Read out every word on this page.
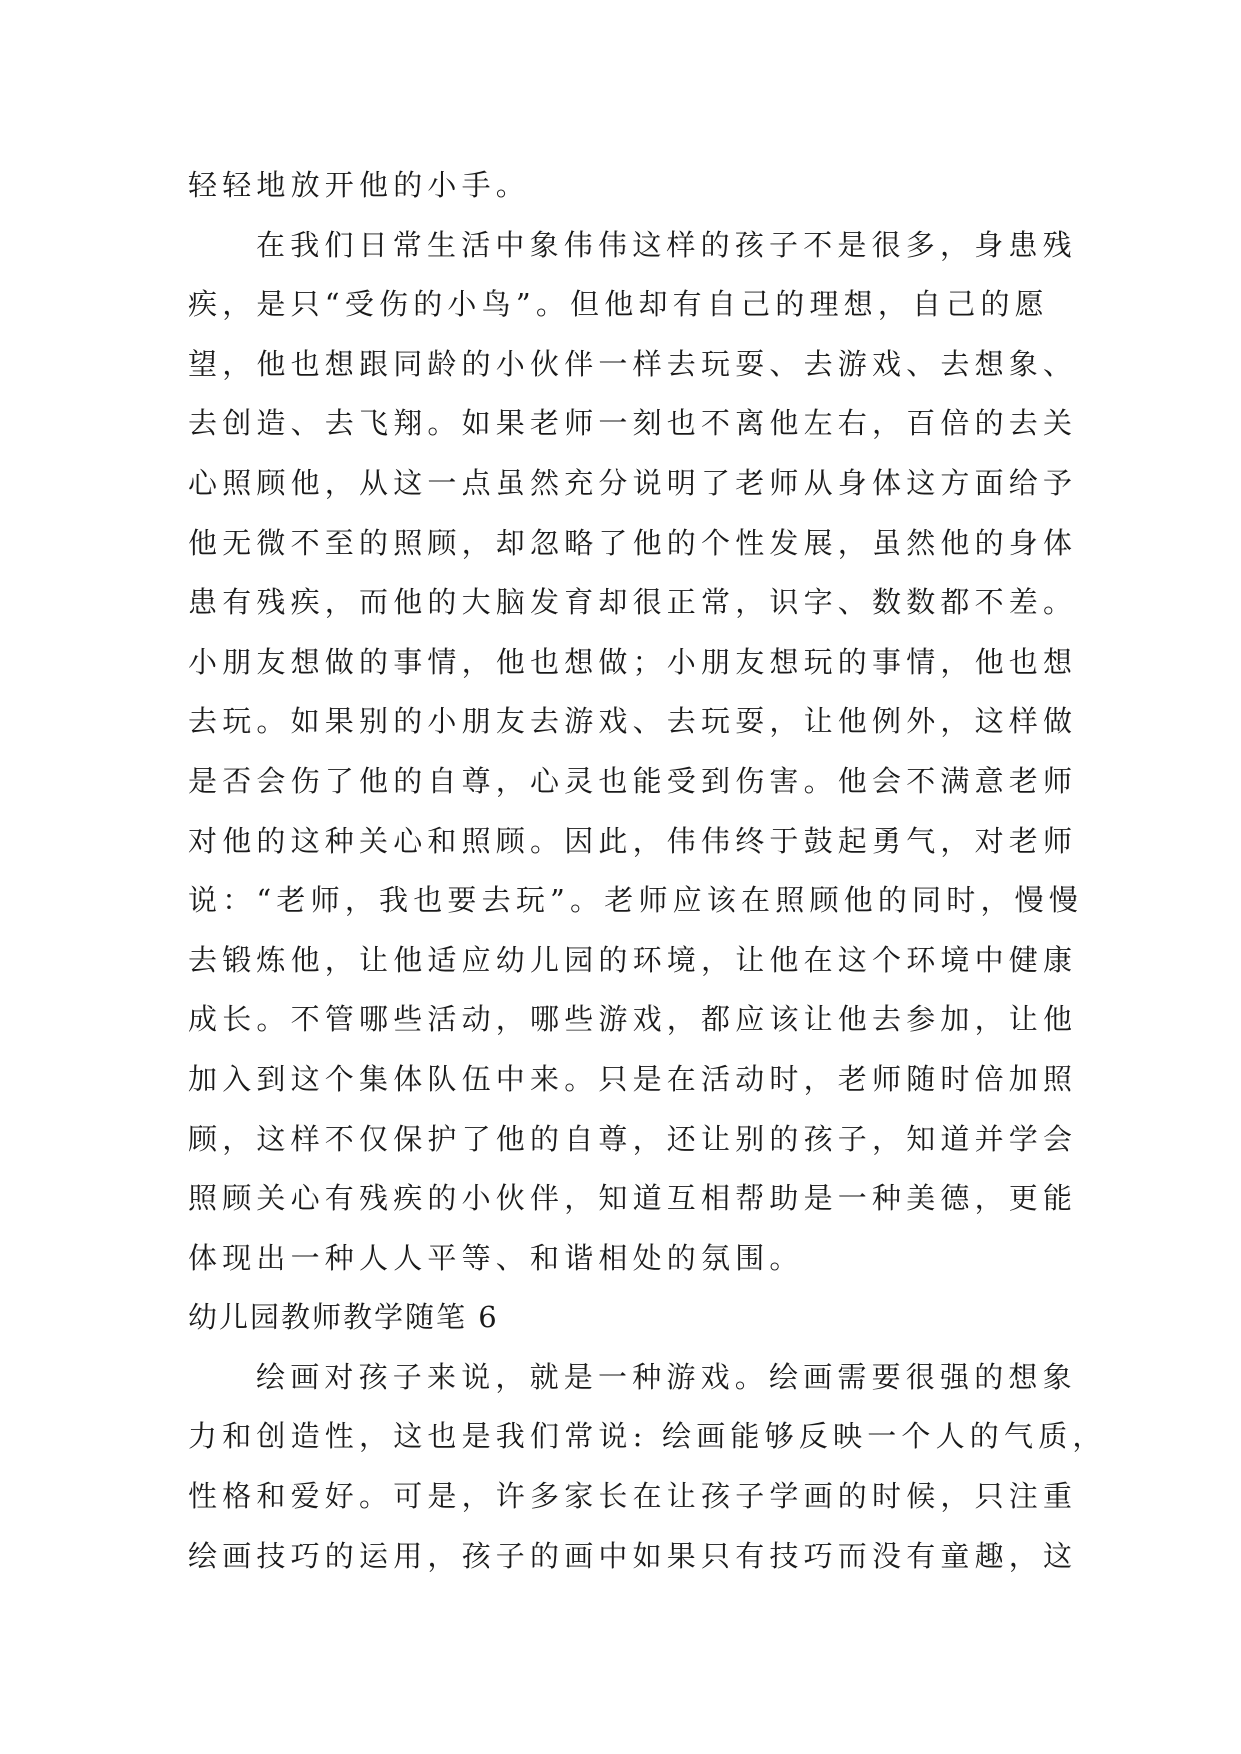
轻轻地放开他的小手。
在我们日常生活中象伟伟这样的孩子不是很多，身患残
疾，是只“受伤的小鸟”。但他却有自己的理想，自己的愿
望，他也想跟同龄的小伙伴一样去玩耍、去游戏、去想象、
去创造、去飞翔。如果老师一刻也不离他左右，百倍的去关
心照顾他，从这一点虽然充分说明了老师从身体这方面给予
他无微不至的照顾，却忽略了他的个性发展，虽然他的身体
患有残疾，而他的大脑发育却很正常，识字、数数都不差。
小朋友想做的事情，他也想做；小朋友想玩的事情，他也想
去玩。如果别的小朋友去游戏、去玩耍，让他例外，这样做
是否会伤了他的自尊，心灵也能受到伤害。他会不满意老师
对他的这种关心和照顾。因此，伟伟终于鼓起勇气，对老师
说：“老师，我也要去玩”。老师应该在照顾他的同时，慢慢
去锻炼他，让他适应幼儿园的环境，让他在这个环境中健康
成长。不管哪些活动，哪些游戏，都应该让他去参加，让他
加入到这个集体队伍中来。只是在活动时，老师随时倍加照
顾，这样不仅保护了他的自尊，还让别的孩子，知道并学会
照顾关心有残疾的小伙伴，知道互相帮助是一种美德，更能
体现出一种人人平等、和谐相处的氛围。
幼儿园教师教学随笔 6
绘画对孩子来说，就是一种游戏。绘画需要很强的想象
力和创造性，这也是我们常说: 绘画能够反映一个人的气质，
性格和爱好。可是，许多家长在让孩子学画的时候，只注重
绘画技巧的运用，孩子的画中如果只有技巧而没有童趣，这
